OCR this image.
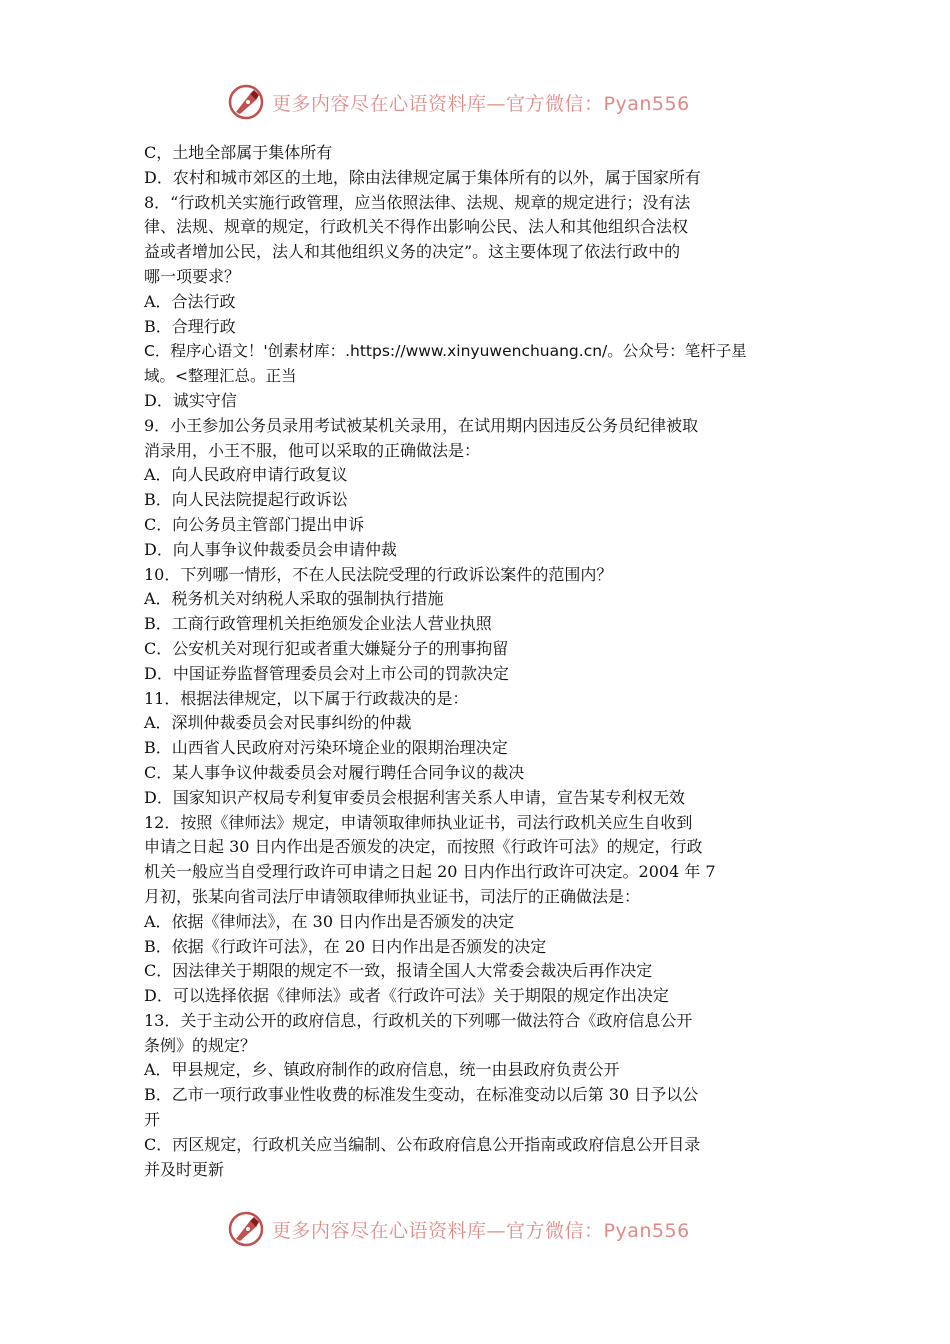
更多内容尽在心语资料库—官方微信：Pyan556
C，土地全部属于集体所有
D．农村和城市郊区的土地，除由法律规定属于集体所有的以外，属于国家所有
8．“行政机关实施行政管理，应当依照法律、法规、规章的规定进行；没有法
律、法规、规章的规定，行政机关不得作出影响公民、法人和其他组织合法权
益或者增加公民，法人和其他组织义务的决定”。这主要体现了依法行政中的
哪一项要求？
A．合法行政
B．合理行政
C．程序心语文！'创素材库：.https://www.xinyuwenchuang.cn/。公众号：笔杆子星
域。<整理汇总。正当
D．诚实守信
9．小王参加公务员录用考试被某机关录用，在试用期内因违反公务员纪律被取
消录用，小王不服，他可以采取的正确做法是：
A．向人民政府申请行政复议
B．向人民法院提起行政诉讼
C．向公务员主管部门提出申诉
D．向人事争议仲裁委员会申请仲裁
10．下列哪一情形，不在人民法院受理的行政诉讼案件的范围内？
A．税务机关对纳税人采取的强制执行措施
B．工商行政管理机关拒绝颁发企业法人营业执照
C．公安机关对现行犯或者重大嫌疑分子的刑事拘留
D．中国证券监督管理委员会对上市公司的罚款决定
11．根据法律规定，以下属于行政裁决的是：
A．深圳仲裁委员会对民事纠纷的仲裁
B．山西省人民政府对污染环境企业的限期治理决定
C．某人事争议仲裁委员会对履行聘任合同争议的裁决
D．国家知识产权局专利复审委员会根据利害关系人申请，宣告某专利权无效
12．按照《律师法》规定，申请领取律师执业证书，司法行政机关应生自收到
申请之日起 30 日内作出是否颁发的决定，而按照《行政许可法》的规定，行政
机关一般应当自受理行政许可申请之日起 20 日内作出行政许可决定。2004 年 7
月初，张某向省司法厅申请领取律师执业证书，司法厅的正确做法是：
A．依据《律师法》，在 30 日内作出是否颁发的决定
B．依据《行政许可法》，在 20 日内作出是否颁发的决定
C．因法律关于期限的规定不一致，报请全国人大常委会裁决后再作决定
D．可以选择依据《律师法》或者《行政许可法》关于期限的规定作出决定
13．关于主动公开的政府信息，行政机关的下列哪一做法符合《政府信息公开
条例》的规定？
A．甲县规定，乡、镇政府制作的政府信息，统一由县政府负责公开
B．乙市一项行政事业性收费的标准发生变动，在标准变动以后第 30 日予以公
开
C．丙区规定，行政机关应当编制、公布政府信息公开指南或政府信息公开目录
并及时更新
更多内容尽在心语资料库—官方微信：Pyan556
